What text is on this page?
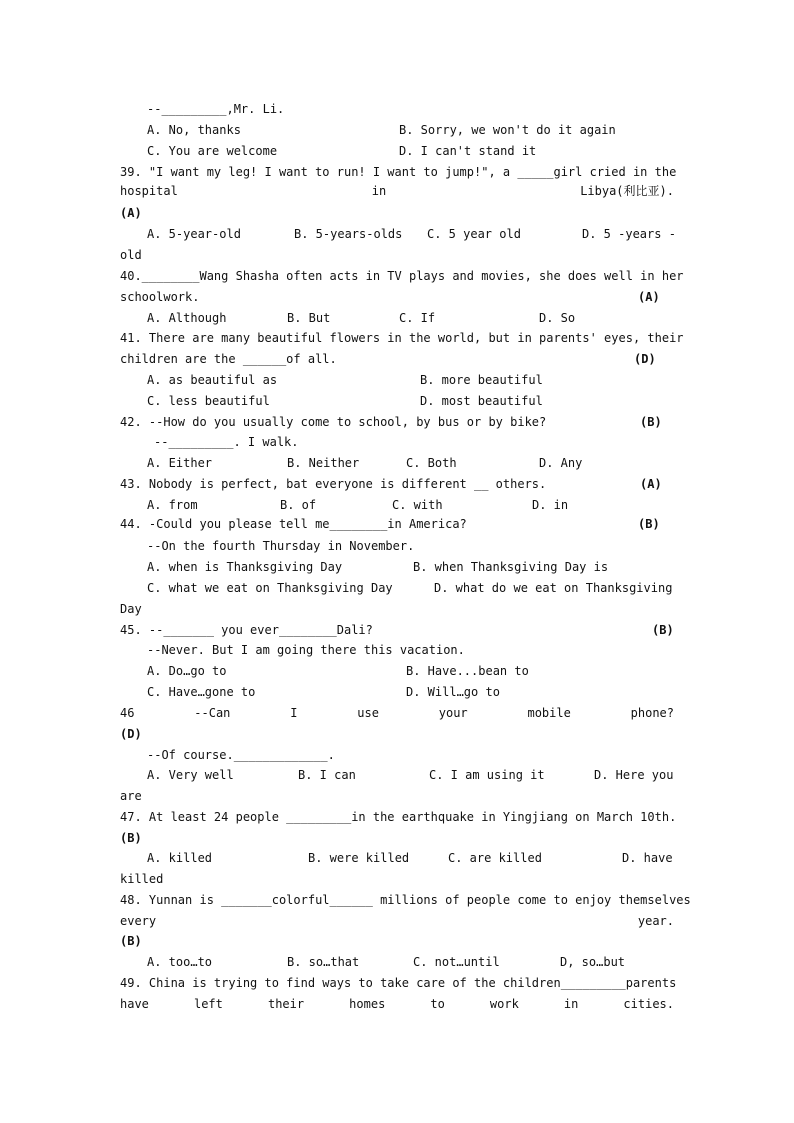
--_________,Mr. Li.
A. No, thanks	B. Sorry, we won't do it again
C. You are welcome	D. I can't stand it
39. "I want my leg! I want to run! I want to jump!", a _____girl cried in the
hospital	in	Libya(利比亚).
(A)
A. 5-year-old	B. 5-years-olds C. 5 year old	D. 5 -years -
old
40.________Wang Shasha often acts in TV plays and movies, she does well in her
schoolwork.	(A)
A. Although	B. But	C. If	D. So
41. There are many beautiful flowers in the world, but in parents' eyes, their
children are the ______of all.	(D)
A. as beautiful as	B. more beautiful
C. less beautiful	D. most beautiful
42. --How do you usually come to school, by bus or by bike?	(B)
--_________. I walk.
A. Either	B. Neither	C. Both	D. Any
43. Nobody is perfect, bat everyone is different __ others.	(A)
A. from	B. of	C. with	D. in
44. -Could you please tell me________in America?	(B)
--On the fourth Thursday in November.
A. when is Thanksgiving Day	B. when Thanksgiving Day is
C. what we eat on Thanksgiving Day	D. what do we eat on Thanksgiving
Day
45. --_______ you ever________Dali?	(B)
--Never. But I am going there this vacation.
A. Do…go to	B. Have...bean to
C. Have…gone to	D. Will…go to
46	--Can	I	use	your	mobile	phone?
(D)
--Of course._____________.
A. Very well	B. I can	C. I am using it	D. Here you
are
47. At least 24 people _________in the earthquake in Yingjiang on March 10th.
(B)
A. killed	B. were killed	C. are killed	D. have
killed
48. Yunnan is _______colorful______ millions of people come to enjoy themselves
every	year.
(B)
A. too…to	B. so…that	C. not…until	D, so…but
49. China is trying to find ways to take care of the children_________parents
have	left	their	homes	to	work	in	cities.
